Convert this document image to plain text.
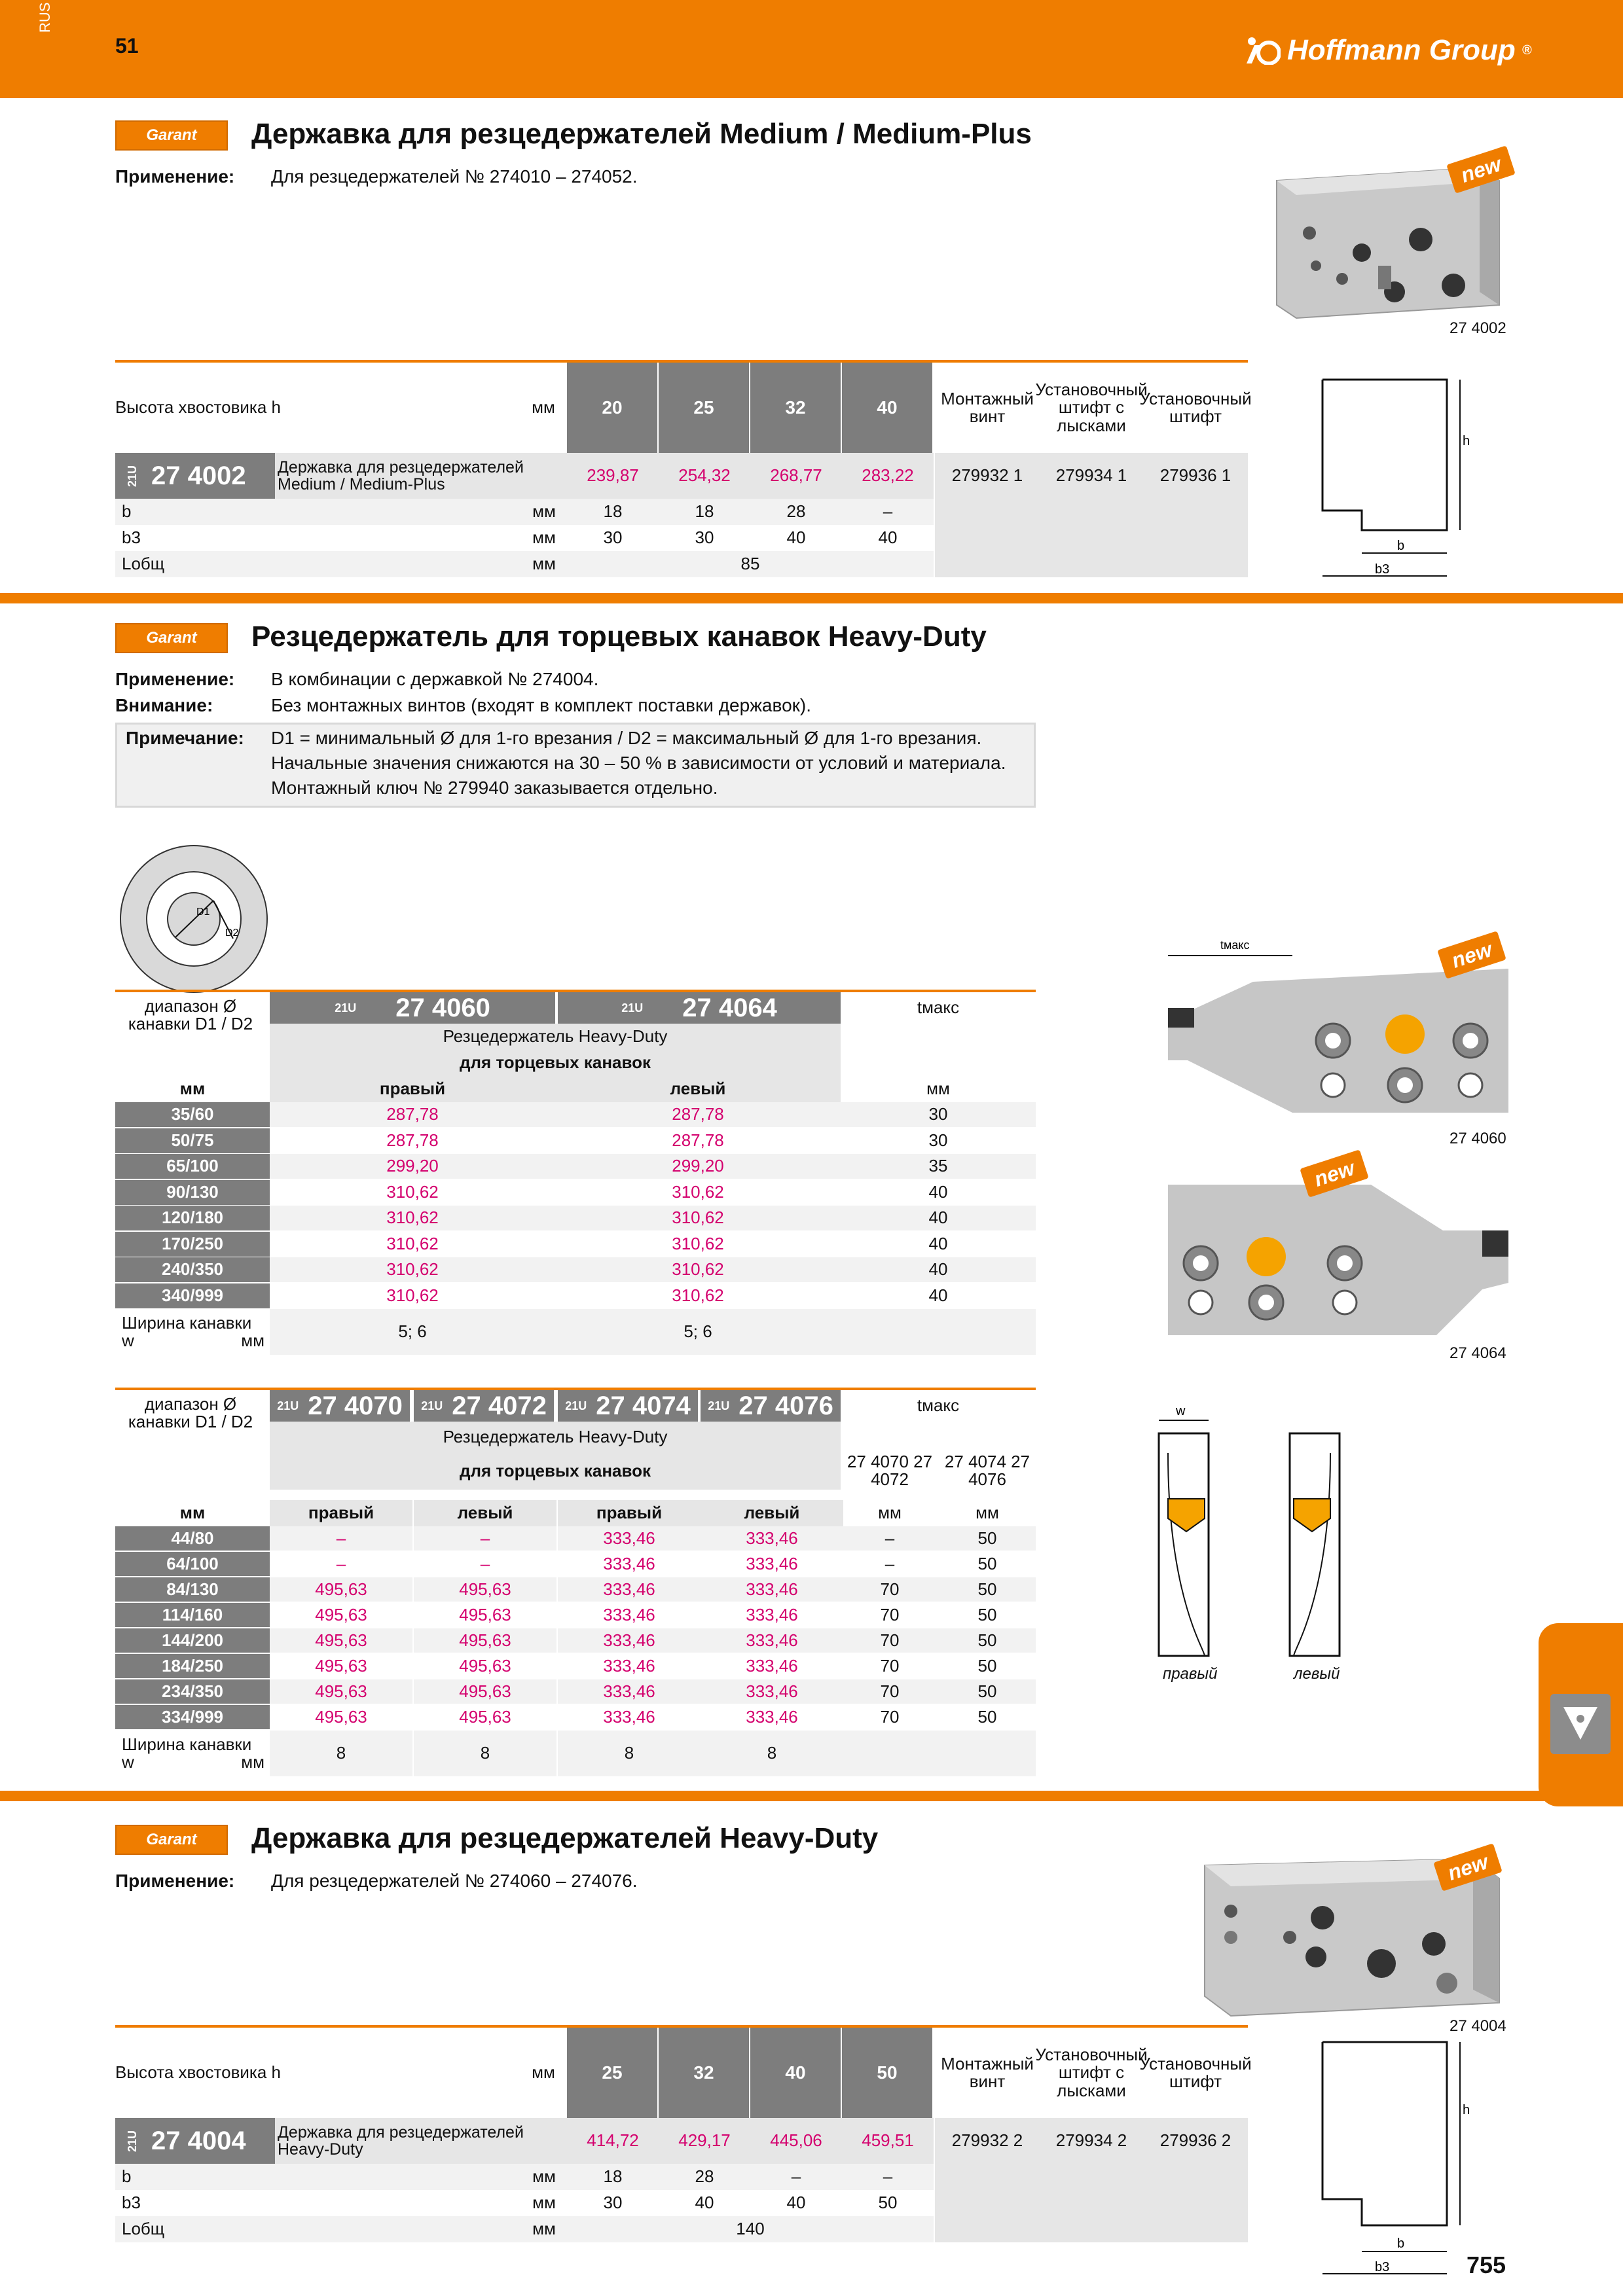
RUS
51	Hoffmann Group ®
Garant Державка для резцедержателей Medium / Medium-Plus
Применение: Для резцедержателей № 274010 – 274052.	new
27 4002
Высота хвостовика h	мм	20	25	32	40	Монтажный винт
Установочный штифт с лысками
Установочный штифт
21U 27 4002 Державка для резцедержателей Medium / Medium-Plus	239,87	254,32	268,77	283,22	279932 1	279934 1	279936 1
b	мм	18	18	28	–
b3	мм	30	30	40	40
Lобщ	мм	85
h
b
b3
Garant Резцедержатель для торцевых канавок Heavy-Duty
Применение: В комбинации с державкой № 274004.
Внимание:	Без монтажных винтов (входят в комплект поставки державок).
Примечание: D1 = минимальный Ø для 1-го врезания / D2 = максимальный Ø для 1-го врезания.
Начальные значения снижаются на 30 – 50 % в зависимости от условий и материала.
Монтажный ключ № 279940 заказывается отдельно.
D1
D2
диапазон Ø канавки D1 / D2
21U 27 4060	21U 27 4064	tмакс
Резцедержатель Heavy-Duty
для торцевых канавок
мм	правый	левый	мм
35/60	287,78	287,78	30
50/75	287,78	287,78	30
65/100	299,20	299,20	35
90/130	310,62	310,62	40
120/180	310,62	310,62	40
170/250	310,62	310,62	40
240/350	310,62	310,62	40
340/999	310,62	310,62	40
Ширина канавки
w	мм	5; 6	5; 6
tмакс	new
27 4060
new
27 4064
диапазон Ø канавки D1 / D2
21U 27 4070 21U 27 4072 21U 27 4074 21U 27 4076	tмакс
Резцедержатель Heavy-Duty
для торцевых канавок	27 4070 27 4072
27 4074 27 4076
мм	правый	левый	правый	левый	мм	мм
44/80	–	–	333,46	333,46	–	50
64/100	–	–	333,46	333,46	–	50
84/130	495,63	495,63	333,46	333,46	70	50
114/160	495,63	495,63	333,46	333,46	70	50
144/200	495,63	495,63	333,46	333,46	70	50
184/250	495,63	495,63	333,46	333,46	70	50
234/350	495,63	495,63	333,46	333,46	70	50
334/999	495,63	495,63	333,46	333,46	70	50
Ширина канавки
w	мм	8	8	8	8
w
правый	левый
Garant Державка для резцедержателей Heavy-Duty
Применение: Для резцедержателей № 274060 – 274076.	new
27 4004
Высота хвостовика h	мм	25	32	40	50	Монтажный винт
Установочный штифт с лысками
Установочный штифт
21U 27 4004 Державка для резцедержателей Heavy-Duty	414,72	429,17	445,06	459,51	279932 2	279934 2	279936 2
b	мм	18	28	–	–
b3	мм	30	40	40	50
Lобщ	мм	140
h
b
b3	755
